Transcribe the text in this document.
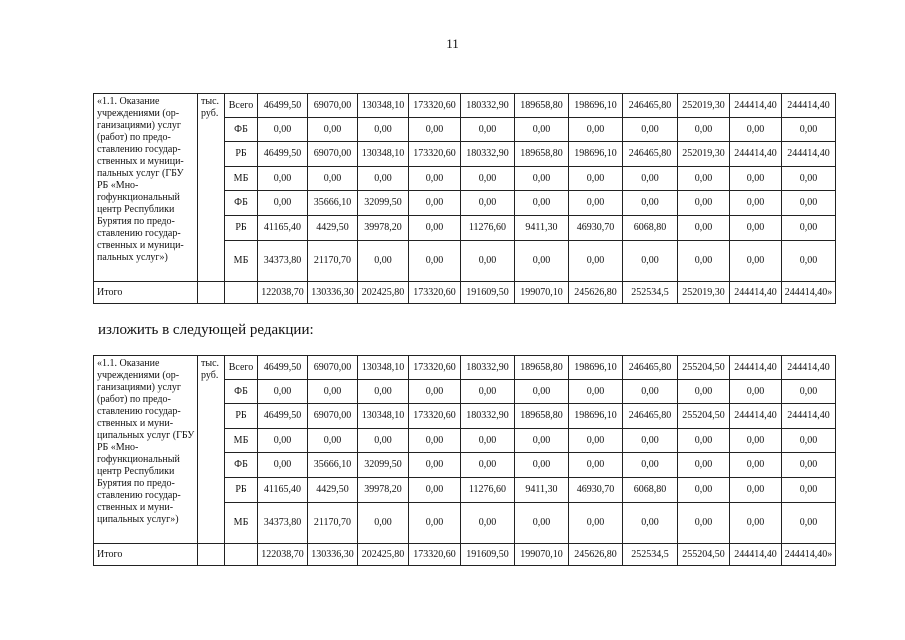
11
«1.1. Оказание учреждениями (организациями) услуг (работ) по предоставлению государственных и муниципальных услуг (ГБУ РБ «Многофункциональный центр Республики Бурятия по предоставлению государственных и муниципальных услуг»)	тыс. руб.	Всего	46499,50	69070,00	130348,10	173320,60	180332,90	189658,80	198696,10	246465,80	252019,30	244414,40	244414,40
		ФБ	0,00	0,00	0,00	0,00	0,00	0,00	0,00	0,00	0,00	0,00	0,00
		РБ	46499,50	69070,00	130348,10	173320,60	180332,90	189658,80	198696,10	246465,80	252019,30	244414,40	244414,40
		МБ	0,00	0,00	0,00	0,00	0,00	0,00	0,00	0,00	0,00	0,00	0,00
		ФБ	0,00	35666,10	32099,50	0,00	0,00	0,00	0,00	0,00	0,00	0,00	0,00
		РБ	41165,40	4429,50	39978,20	0,00	11276,60	9411,30	46930,70	6068,80	0,00	0,00	0,00
		МБ	34373,80	21170,70	0,00	0,00	0,00	0,00	0,00	0,00	0,00	0,00	0,00
Итого			122038,70	130336,30	202425,80	173320,60	191609,50	199070,10	245626,80	252534,5	252019,30	244414,40	244414,40»
изложить в следующей редакции:
«1.1. Оказание учреждениями (организациями) услуг (работ) по предоставлению государственных и муниципальных услуг (ГБУ РБ «Многофункциональный центр Республики Бурятия по предоставлению государственных и муниципальных услуг»)	тыс. руб.	Всего	46499,50	69070,00	130348,10	173320,60	180332,90	189658,80	198696,10	246465,80	255204,50	244414,40	244414,40
		ФБ	0,00	0,00	0,00	0,00	0,00	0,00	0,00	0,00	0,00	0,00	0,00
		РБ	46499,50	69070,00	130348,10	173320,60	180332,90	189658,80	198696,10	246465,80	255204,50	244414,40	244414,40
		МБ	0,00	0,00	0,00	0,00	0,00	0,00	0,00	0,00	0,00	0,00	0,00
		ФБ	0,00	35666,10	32099,50	0,00	0,00	0,00	0,00	0,00	0,00	0,00	0,00
		РБ	41165,40	4429,50	39978,20	0,00	11276,60	9411,30	46930,70	6068,80	0,00	0,00	0,00
		МБ	34373,80	21170,70	0,00	0,00	0,00	0,00	0,00	0,00	0,00	0,00	0,00
Итого			122038,70	130336,30	202425,80	173320,60	191609,50	199070,10	245626,80	252534,5	255204,50	244414,40	244414,40»
